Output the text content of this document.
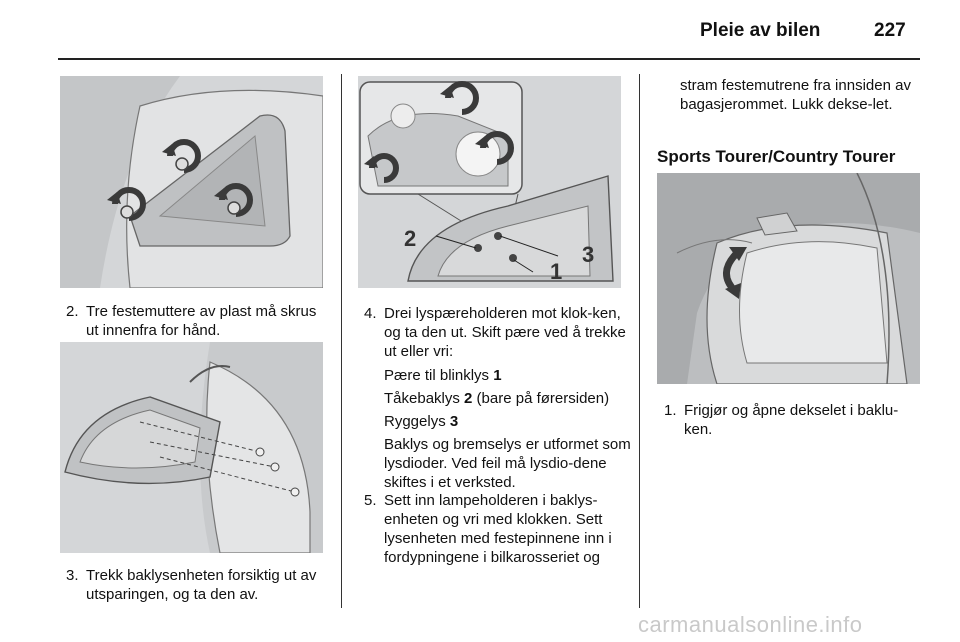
Pleie av bilen	227
2. Tre festemuttere av plast må skrus ut innenfra for hånd.
3. Trekk baklysenheten forsiktig ut av utsparingen, og ta den av.
2
3
1
4. Drei lyspæreholderen mot klok-ken, og ta den ut. Skift pære ved å trekke ut eller vri:
Pære til blinklys 1
Tåkebaklys 2 (bare på førersiden)
Ryggelys 3
Baklys og bremselys er utformet som lysdioder. Ved feil må lysdio-dene skiftes i et verksted.
5. Sett inn lampeholderen i baklys-enheten og vri med klokken. Sett lysenheten med festepinnene inn i fordypningene i bilkarosseriet og
stram festemutrene fra innsiden av bagasjerommet. Lukk dekse-let.
Sports Tourer/Country Tourer
1. Frigjør og åpne dekselet i baklu-ken.
carmanualsonline.info
